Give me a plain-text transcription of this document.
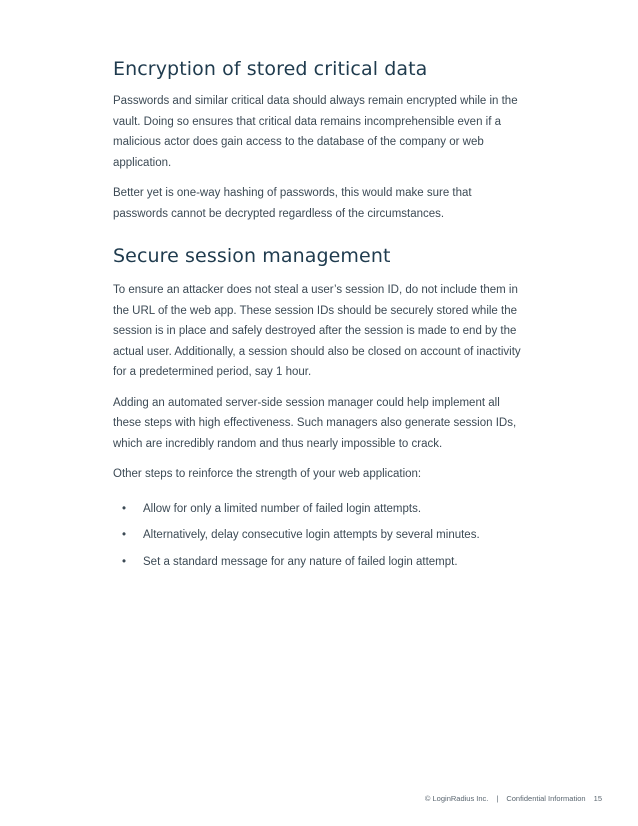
Encryption of stored critical data

Passwords and similar critical data should always remain encrypted while in the vault. Doing so ensures that critical data remains incomprehensible even if a malicious actor does gain access to the database of the company or web application.

Better yet is one-way hashing of passwords, this would make sure that passwords cannot be decrypted regardless of the circumstances.

Secure session management

To ensure an attacker does not steal a user’s session ID, do not include them in the URL of the web app. These session IDs should be securely stored while the session is in place and safely destroyed after the session is made to end by the actual user. Additionally, a session should also be closed on account of inactivity for a predetermined period, say 1 hour.

Adding an automated server-side session manager could help implement all these steps with high effectiveness. Such managers also generate session IDs, which are incredibly random and thus nearly impossible to crack.

Other steps to reinforce the strength of your web application:

• Allow for only a limited number of failed login attempts.
• Alternatively, delay consecutive login attempts by several minutes.
• Set a standard message for any nature of failed login attempt.
© LoginRadius Inc. | Confidential Information 15
